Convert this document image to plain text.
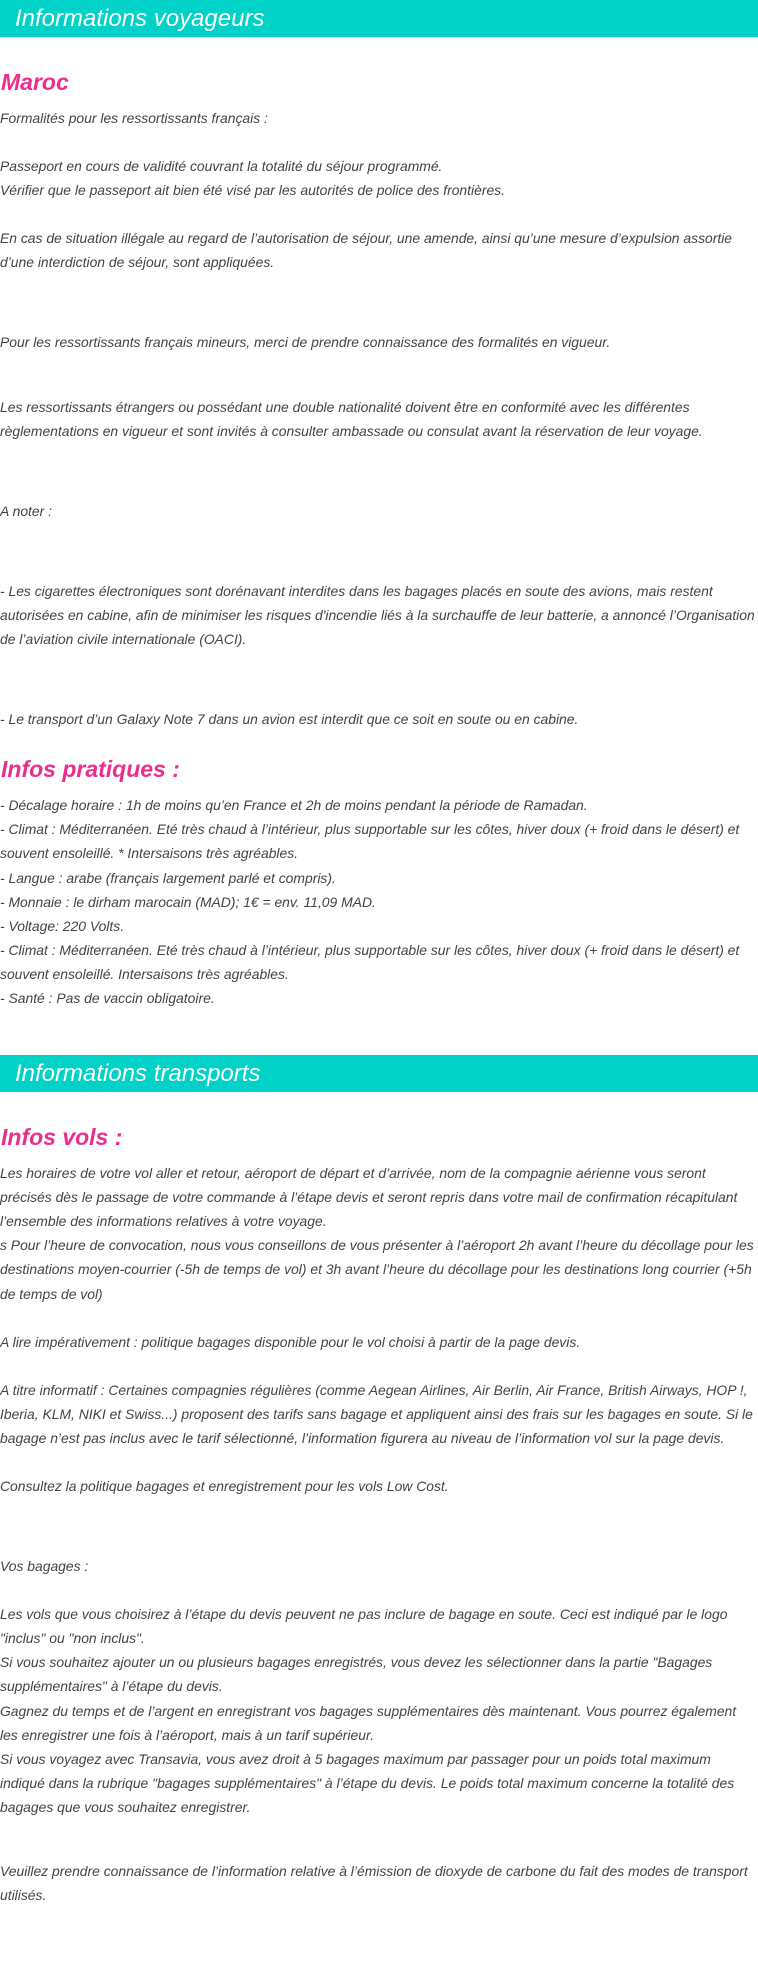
Informations voyageurs
Maroc

Formalités pour les ressortissants français :

Passeport en cours de validité couvrant la totalité du séjour programmé.
Vérifier que le passeport ait bien été visé par les autorités de police des frontières.

En cas de situation illégale au regard de l’autorisation de séjour, une amende, ainsi qu’une mesure d’expulsion assortie d’une interdiction de séjour, sont appliquées.

Pour les ressortissants français mineurs, merci de prendre connaissance des formalités en vigueur.

Les ressortissants étrangers ou possédant une double nationalité doivent être en conformité avec les différentes règlementations en vigueur et sont invités à consulter ambassade ou consulat avant la réservation de leur voyage.

A noter :

- Les cigarettes électroniques sont dorénavant interdites dans les bagages placés en soute des avions, mais restent autorisées en cabine, afin de minimiser les risques d'incendie liés à la surchauffe de leur batterie, a annoncé l’Organisation de l’aviation civile internationale (OACI).

- Le transport d’un Galaxy Note 7 dans un avion est interdit que ce soit en soute ou en cabine.

Infos pratiques :

- Décalage horaire : 1h de moins qu’en France et 2h de moins pendant la période de Ramadan.
- Climat : Méditerranéen. Eté très chaud à l’intérieur, plus supportable sur les côtes, hiver doux (+ froid dans le désert) et souvent ensoleillé. * Intersaisons très agréables.
- Langue : arabe (français largement parlé et compris).
- Monnaie : le dirham marocain (MAD); 1€ = env. 11,09 MAD.
- Voltage: 220 Volts.
- Climat : Méditerranéen. Eté très chaud à l’intérieur, plus supportable sur les côtes, hiver doux (+ froid dans le désert) et souvent ensoleillé. Intersaisons très agréables.
- Santé : Pas de vaccin obligatoire.

Informations transports
Infos vols :

Les horaires de votre vol aller et retour, aéroport de départ et d’arrivée, nom de la compagnie aérienne vous seront précisés dès le passage de votre commande à l’étape devis et seront repris dans votre mail de confirmation récapitulant l’ensemble des informations relatives à votre voyage.
s Pour l’heure de convocation, nous vous conseillons de vous présenter à l’aéroport 2h avant l’heure du décollage pour les destinations moyen-courrier (-5h de temps de vol) et 3h avant l’heure du décollage pour les destinations long courrier (+5h de temps de vol)

A lire impérativement : politique bagages disponible pour le vol choisi à partir de la page devis.

A titre informatif : Certaines compagnies régulières (comme Aegean Airlines, Air Berlin, Air France, British Airways, HOP !, Iberia, KLM, NIKI et Swiss...) proposent des tarifs sans bagage et appliquent ainsi des frais sur les bagages en soute. Si le bagage n’est pas inclus avec le tarif sélectionné, l’information figurera au niveau de l’information vol sur la page devis.

Consultez la politique bagages et enregistrement pour les vols Low Cost.

Vos bagages :

Les vols que vous choisirez à l’étape du devis peuvent ne pas inclure de bagage en soute. Ceci est indiqué par le logo "inclus" ou "non inclus".
Si vous souhaitez ajouter un ou plusieurs bagages enregistrés, vous devez les sélectionner dans la partie "Bagages supplémentaires" à l’étape du devis.
Gagnez du temps et de l’argent en enregistrant vos bagages supplémentaires dès maintenant. Vous pourrez également les enregistrer une fois à l’aéroport, mais à un tarif supérieur.
Si vous voyagez avec Transavia, vous avez droit à 5 bagages maximum par passager pour un poids total maximum indiqué dans la rubrique "bagages supplémentaires" à l’étape du devis. Le poids total maximum concerne la totalité des bagages que vous souhaitez enregistrer.

Veuillez prendre connaissance de l’information relative à l’émission de dioxyde de carbone du fait des modes de transport utilisés.
